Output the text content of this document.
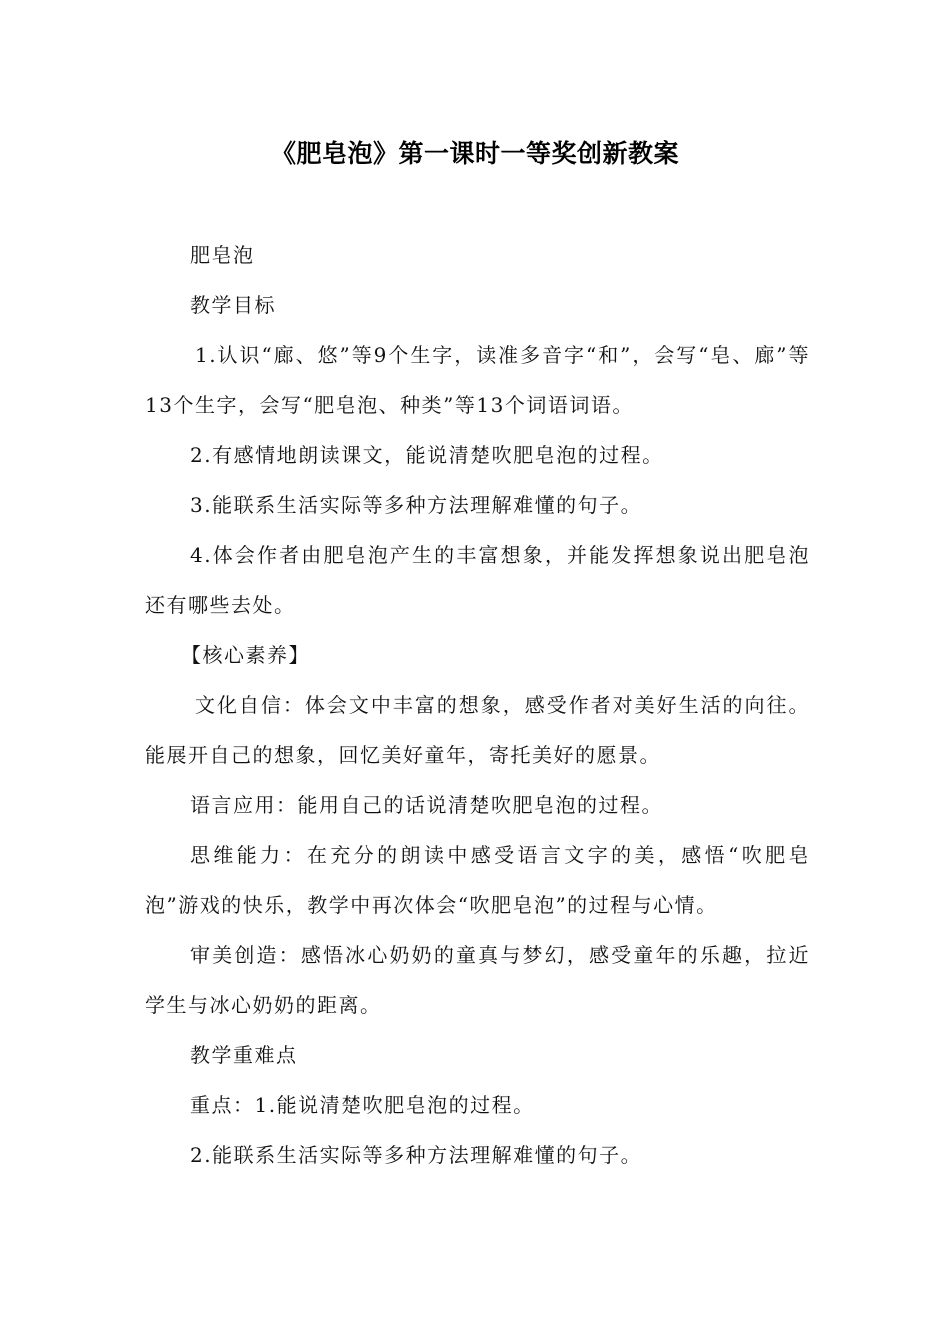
《肥皂泡》第一课时一等奖创新教案

肥皂泡

教学目标

1.认识“廊、悠”等9个生字，读准多音字“和”，会写“皂、廊”等13个生字，会写“肥皂泡、种类”等13个词语词语。

2.有感情地朗读课文，能说清楚吹肥皂泡的过程。

3.能联系生活实际等多种方法理解难懂的句子。

4.体会作者由肥皂泡产生的丰富想象，并能发挥想象说出肥皂泡还有哪些去处。

【核心素养】

文化自信：体会文中丰富的想象，感受作者对美好生活的向往。能展开自己的想象，回忆美好童年，寄托美好的愿景。

语言应用：能用自己的话说清楚吹肥皂泡的过程。

思维能力：在充分的朗读中感受语言文字的美，感悟“吹肥皂泡”游戏的快乐，教学中再次体会“吹肥皂泡”的过程与心情。

审美创造：感悟冰心奶奶的童真与梦幻，感受童年的乐趣，拉近学生与冰心奶奶的距离。

教学重难点

重点：1.能说清楚吹肥皂泡的过程。

2.能联系生活实际等多种方法理解难懂的句子。
